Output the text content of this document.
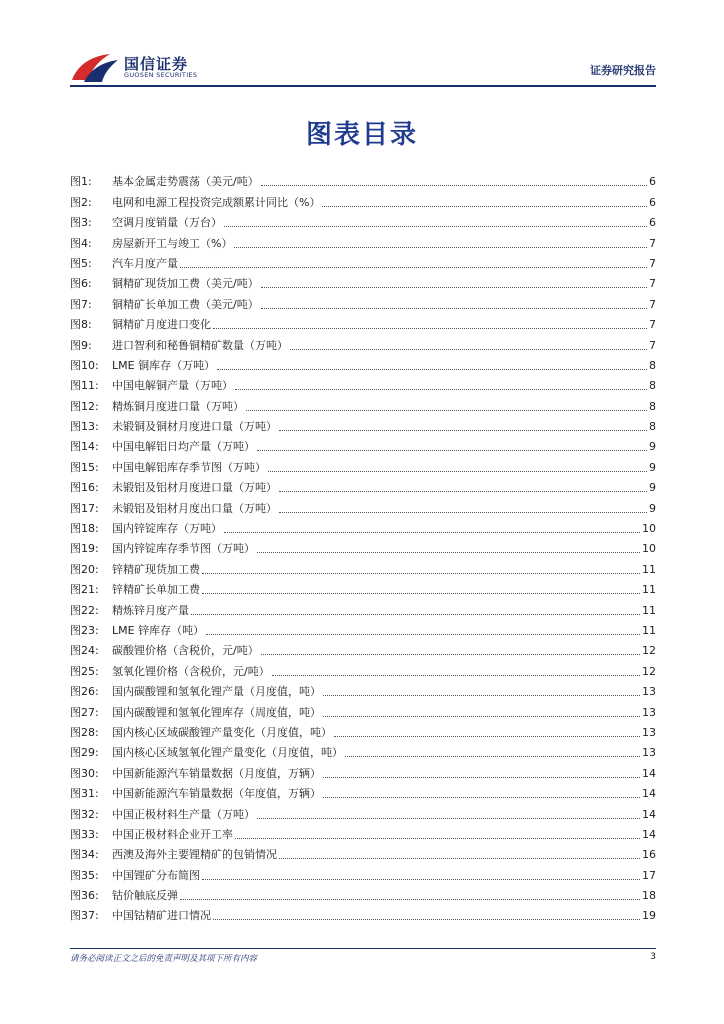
国信证券
GUOSEN SECURITIES	证券研究报告
图表目录
图1:	基本金属走势震荡（美元/吨）	6
图2:	电网和电源工程投资完成额累计同比（%）	6
图3:	空调月度销量（万台）	6
图4:	房屋新开工与竣工（%）	7
图5:	汽车月度产量	7
图6:	铜精矿现货加工费（美元/吨）	7
图7:	铜精矿长单加工费（美元/吨）	7
图8:	铜精矿月度进口变化	7
图9:	进口智利和秘鲁铜精矿数量（万吨）	7
图10:	LME 铜库存（万吨）	8
图11:	中国电解铜产量（万吨）	8
图12:	精炼铜月度进口量（万吨）	8
图13:	未锻铜及铜材月度进口量（万吨）	8
图14:	中国电解铝日均产量（万吨）	9
图15:	中国电解铝库存季节图（万吨）	9
图16:	未锻铝及铝材月度进口量（万吨）	9
图17:	未锻铝及铝材月度出口量（万吨）	9
图18:	国内锌锭库存（万吨）	10
图19:	国内锌锭库存季节图（万吨）	10
图20:	锌精矿现货加工费	11
图21:	锌精矿长单加工费	11
图22:	精炼锌月度产量	11
图23:	LME 锌库存（吨）	11
图24:	碳酸锂价格（含税价，元/吨）	12
图25:	氢氧化锂价格（含税价，元/吨）	12
图26:	国内碳酸锂和氢氧化锂产量（月度值，吨）	13
图27:	国内碳酸锂和氢氧化锂库存（周度值，吨）	13
图28:	国内核心区域碳酸锂产量变化（月度值，吨）	13
图29:	国内核心区域氢氧化锂产量变化（月度值，吨）	13
图30:	中国新能源汽车销量数据（月度值，万辆）	14
图31:	中国新能源汽车销量数据（年度值，万辆）	14
图32:	中国正极材料生产量（万吨）	14
图33:	中国正极材料企业开工率	14
图34:	西澳及海外主要锂精矿的包销情况	16
图35:	中国锂矿分布简图	17
图36:	钴价触底反弹	18
图37:	中国钴精矿进口情况	19
请务必阅读正文之后的免责声明及其项下所有内容	3
